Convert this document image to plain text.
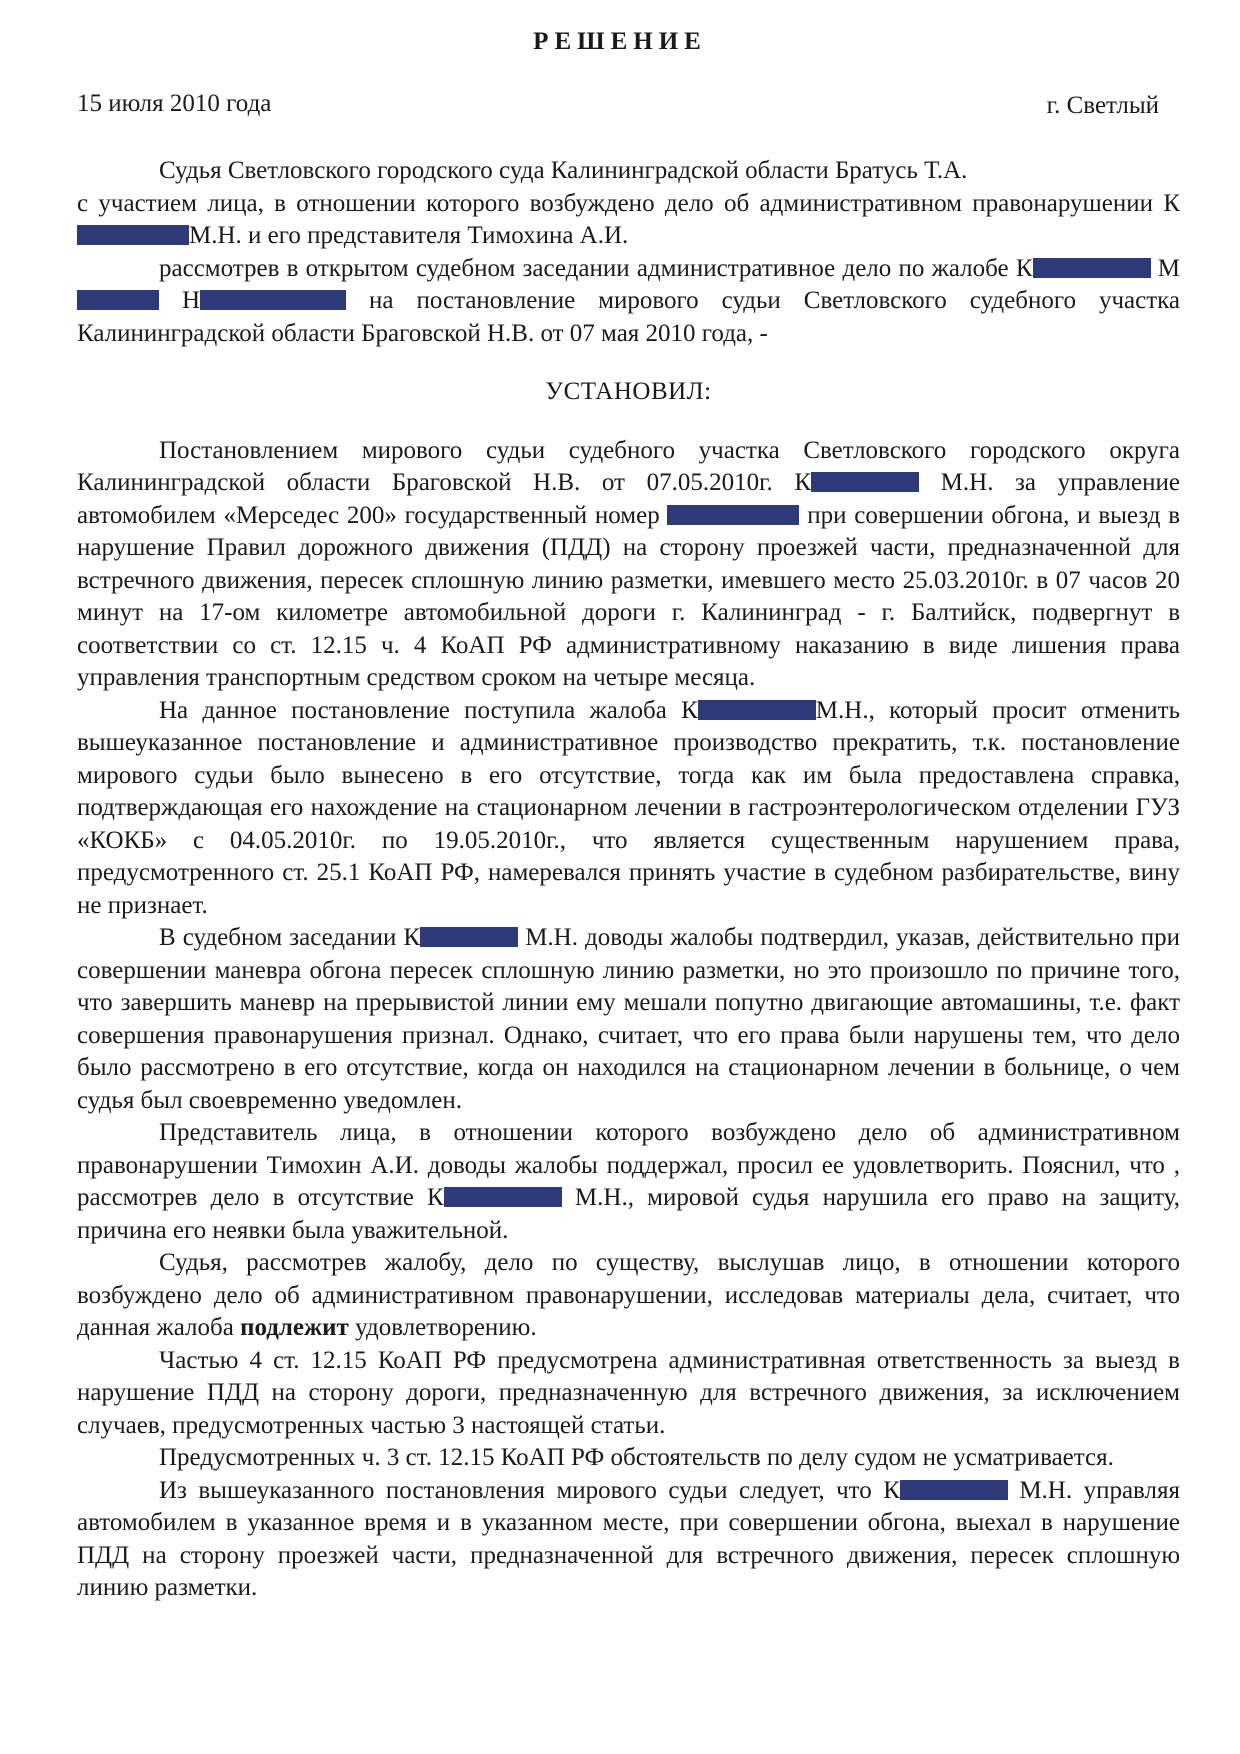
РЕШЕНИЕ
15 июля 2010 года	г. Светлый

Судья Светловского городского суда Калининградской области Братусь Т.А.

с участием лица, в отношении которого возбуждено дело об административном правонарушении КМ.Н. и его представителя Тимохина А.И.

рассмотрев в открытом судебном заседании административное дело по жалобе К	М Н	на постановление мирового судьи Светловского судебного участка Калининградской области Браговской Н.В. от 07 мая 2010 года, -

УСТАНОВИЛ:

Постановлением мирового судьи судебного участка Светловского городского округа Калининградской области Браговской Н.В. от 07.05.2010г. К	М.Н. за управление автомобилем «Мерседес 200» государственный номер	при совершении обгона, и выезд в нарушение Правил дорожного движения (ПДД) на сторону проезжей части, предназначенной для встречного движения, пересек сплошную линию разметки, имевшего место 25.03.2010г. в 07 часов 20 минут на 17-ом километре автомобильной дороги г. Калининград - г. Балтийск, подвергнут в соответствии со ст. 12.15 ч. 4 КоАП РФ административному наказанию в виде лишения права управления транспортным средством сроком на четыре месяца.

На данное постановление поступила жалоба К	М.Н., который просит отменить вышеуказанное постановление и административное производство прекратить, т.к. постановление мирового судьи было вынесено в его отсутствие, тогда как им была предоставлена справка, подтверждающая его нахождение на стационарном лечении в гастроэнтерологическом отделении ГУЗ «КОКБ» с 04.05.2010г. по 19.05.2010г., что является существенным нарушением права, предусмотренного ст. 25.1 КоАП РФ, намеревался принять участие в судебном разбирательстве, вину не признает.

В судебном заседании К	М.Н. доводы жалобы подтвердил, указав, действительно при совершении маневра обгона пересек сплошную линию разметки, но это произошло по причине того, что завершить маневр на прерывистой линии ему мешали попутно двигающие автомашины, т.е. факт совершения правонарушения признал. Однако, считает, что его права были нарушены тем, что дело было рассмотрено в его отсутствие, когда он находился на стационарном лечении в больнице, о чем судья был своевременно уведомлен.

Представитель лица, в отношении которого возбуждено дело об административном правонарушении Тимохин А.И. доводы жалобы поддержал, просил ее удовлетворить. Пояснил, что , рассмотрев дело в отсутствие К	М.Н., мировой судья нарушила его право на защиту, причина его неявки была уважительной.

Судья, рассмотрев жалобу, дело по существу, выслушав лицо, в отношении которого возбуждено дело об административном правонарушении, исследовав материалы дела, считает, что данная жалоба подлежит удовлетворению.

Частью 4 ст. 12.15 КоАП РФ предусмотрена административная ответственность за выезд в нарушение ПДД на сторону дороги, предназначенную для встречного движения, за исключением случаев, предусмотренных частью 3 настоящей статьи.

Предусмотренных ч. 3 ст. 12.15 КоАП РФ обстоятельств по делу судом не усматривается.

Из вышеуказанного постановления мирового судьи следует, что К	М.Н. управляя автомобилем в указанное время и в указанном месте, при совершении обгона, выехал в нарушение ПДД на сторону проезжей части, предназначенной для встречного движения, пересек сплошную линию разметки.
